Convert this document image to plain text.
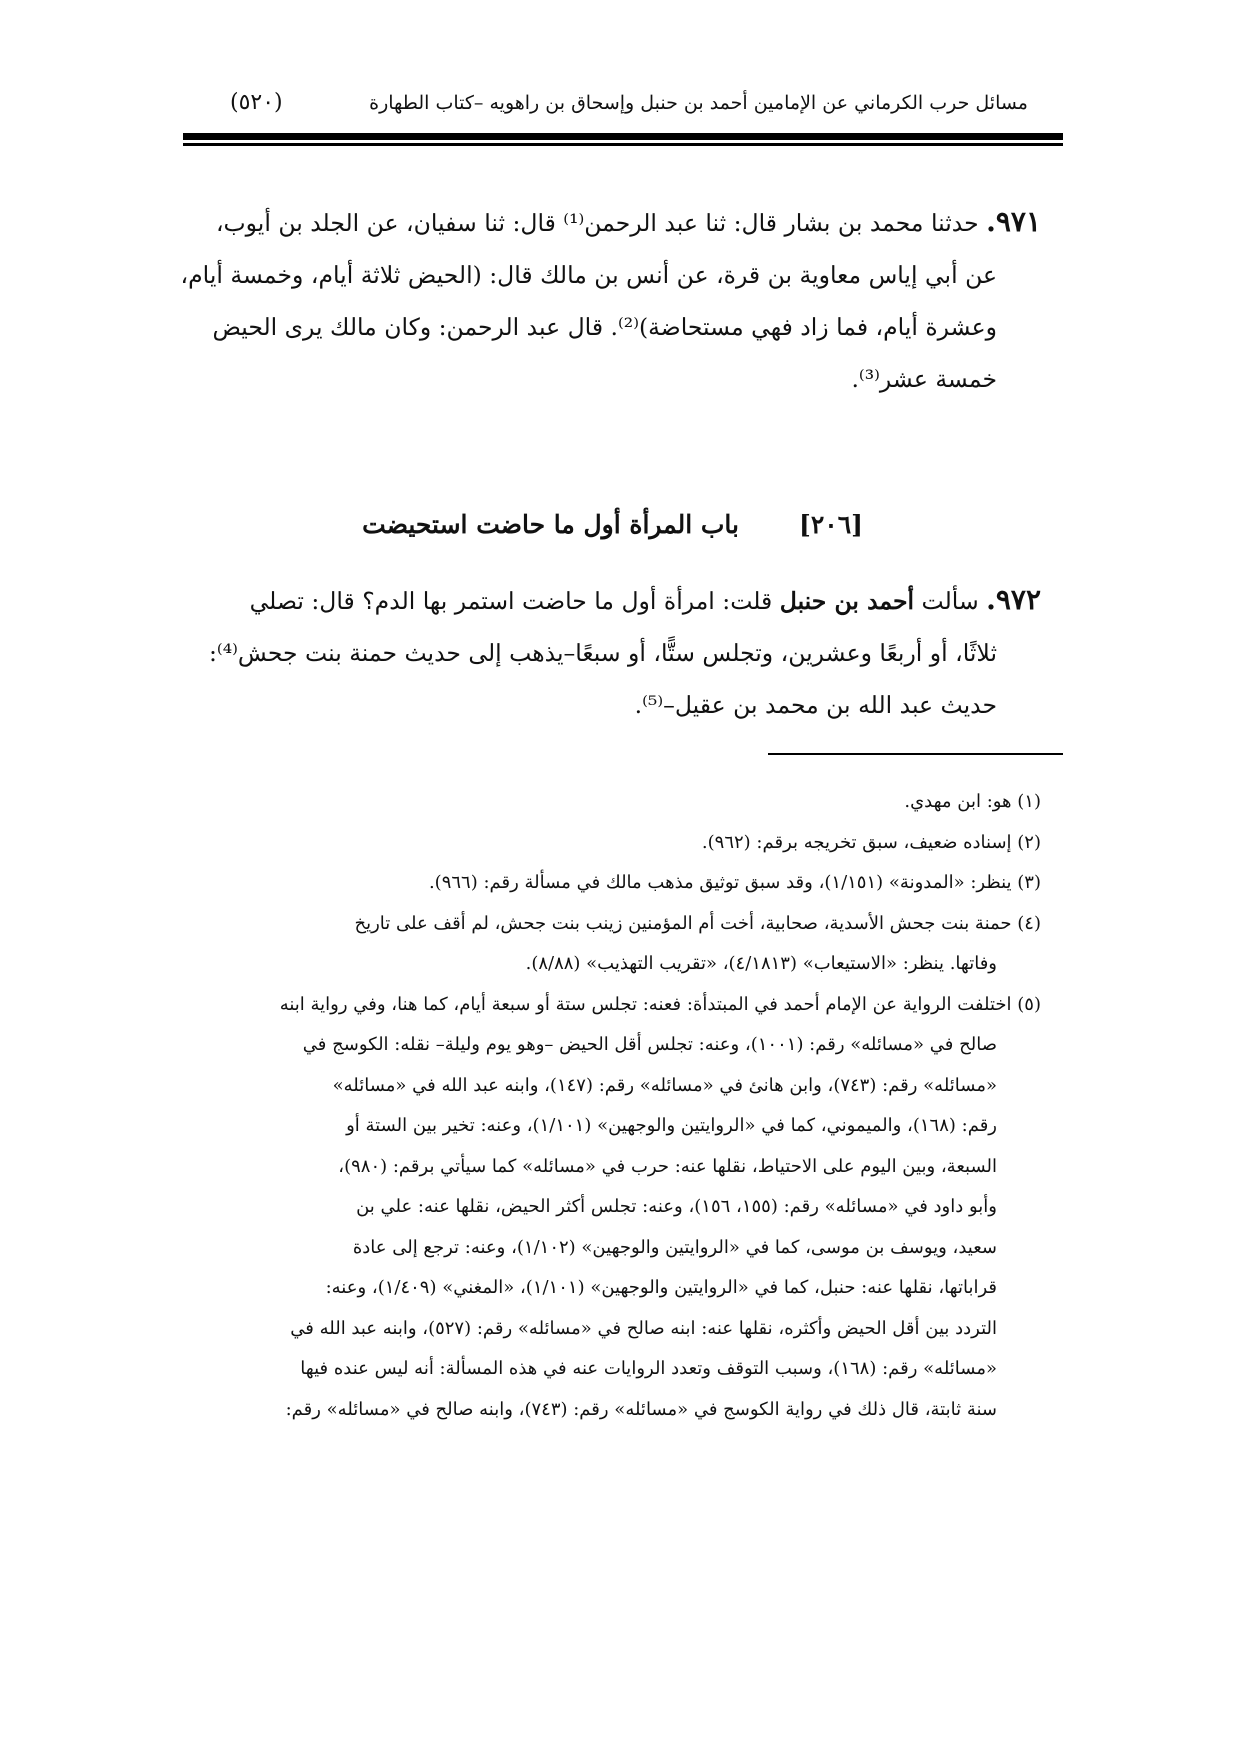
مسائل حرب الكرماني عن الإمامين أحمد بن حنبل وإسحاق بن راهويه –كتاب الطهارة
(٥٢٠)
٩٧١. حدثنا محمد بن بشار قال: ثنا عبد الرحمن⁽¹⁾ قال: ثنا سفيان، عن الجلد بن أيوب،
عن أبي إياس معاوية بن قرة، عن أنس بن مالك قال: (الحيض ثلاثة أيام، وخمسة أيام،
وعشرة أيام، فما زاد فهي مستحاضة)⁽²⁾. قال عبد الرحمن: وكان مالك يرى الحيض
خمسة عشر⁽³⁾.
[٢٠٦]باب المرأة أول ما حاضت استحيضت
٩٧٢. سألت أحمد بن حنبل قلت: امرأة أول ما حاضت استمر بها الدم؟ قال: تصلي
ثلاثًا، أو أربعًا وعشرين، وتجلس ستًّا، أو سبعًا–يذهب إلى حديث حمنة بنت جحش⁽⁴⁾:
حديث عبد الله بن محمد بن عقيل–⁽⁵⁾.
(١) هو: ابن مهدي.
(٢) إسناده ضعيف، سبق تخريجه برقم: (٩٦٢).
(٣) ينظر: «المدونة» (١/١٥١)، وقد سبق توثيق مذهب مالك في مسألة رقم: (٩٦٦).
(٤) حمنة بنت جحش الأسدية، صحابية، أخت أم المؤمنين زينب بنت جحش، لم أقف على تاريخ
وفاتها. ينظر: «الاستيعاب» (٤/١٨١٣)، «تقريب التهذيب» (٨/٨٨).
(٥) اختلفت الرواية عن الإمام أحمد في المبتدأة: فعنه: تجلس ستة أو سبعة أيام، كما هنا، وفي رواية ابنه
صالح في «مسائله» رقم: (١٠٠١)، وعنه: تجلس أقل الحيض –وهو يوم وليلة– نقله: الكوسج في
«مسائله» رقم: (٧٤٣)، وابن هانئ في «مسائله» رقم: (١٤٧)، وابنه عبد الله في «مسائله»
رقم: (١٦٨)، والميموني، كما في «الروايتين والوجهين» (١/١٠١)، وعنه: تخير بين الستة أو
السبعة، وبين اليوم على الاحتياط، نقلها عنه: حرب في «مسائله» كما سيأتي برقم: (٩٨٠)،
وأبو داود في «مسائله» رقم: (١٥٥، ١٥٦)، وعنه: تجلس أكثر الحيض، نقلها عنه: علي بن
سعيد، ويوسف بن موسى، كما في «الروايتين والوجهين» (١/١٠٢)، وعنه: ترجع إلى عادة
قراباتها، نقلها عنه: حنبل، كما في «الروايتين والوجهين» (١/١٠١)، «المغني» (١/٤٠٩)، وعنه:
التردد بين أقل الحيض وأكثره، نقلها عنه: ابنه صالح في «مسائله» رقم: (٥٢٧)، وابنه عبد الله في
«مسائله» رقم: (١٦٨)، وسبب التوقف وتعدد الروايات عنه في هذه المسألة: أنه ليس عنده فيها
سنة ثابتة، قال ذلك في رواية الكوسج في «مسائله» رقم: (٧٤٣)، وابنه صالح في «مسائله» رقم:
